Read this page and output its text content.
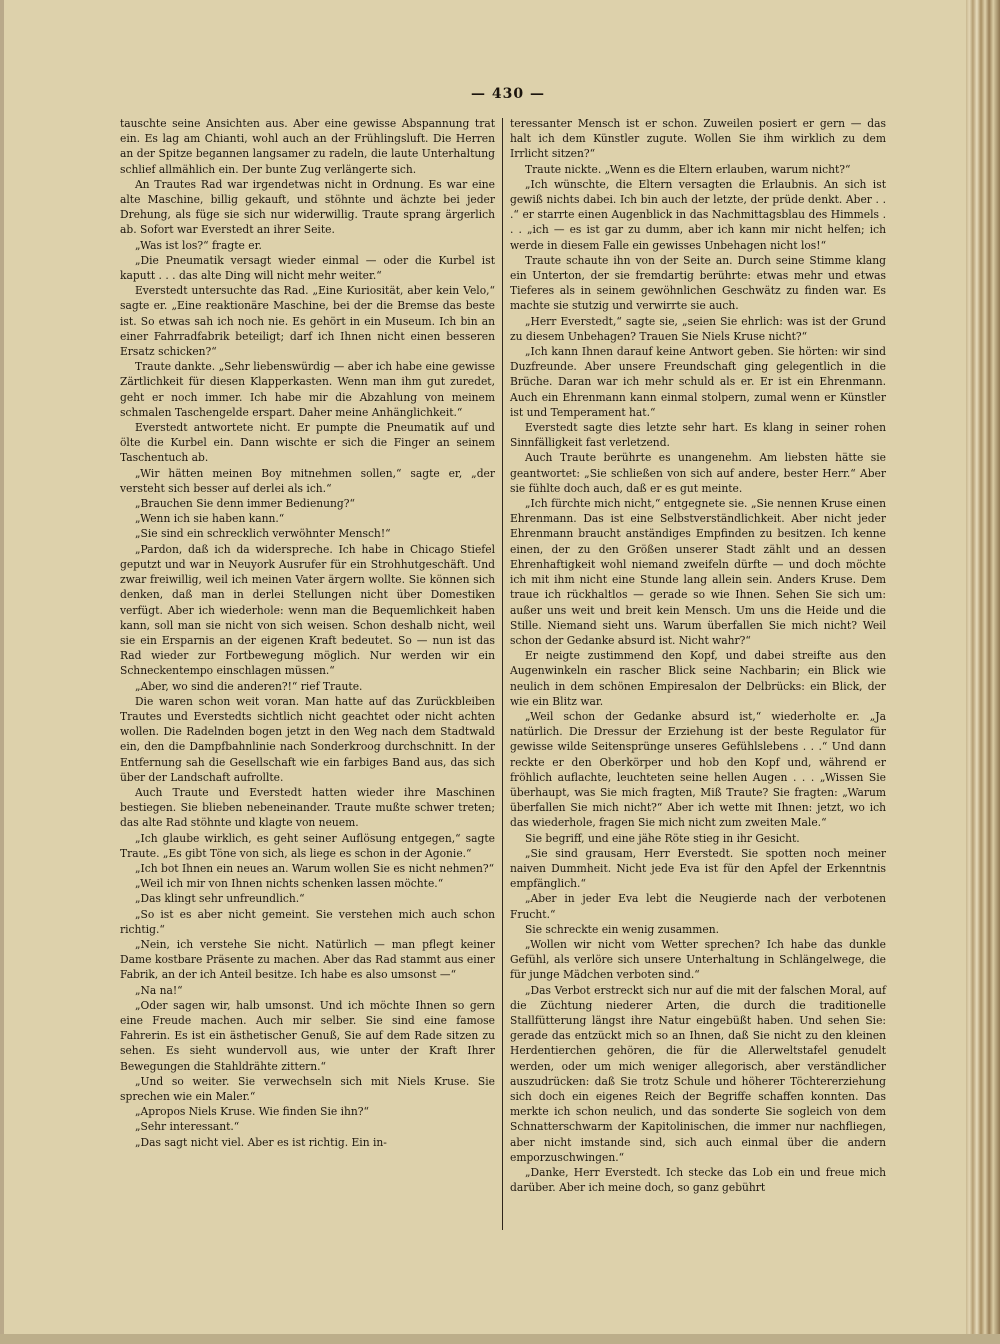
— 430 —

tauschte seine Ansichten aus. Aber eine gewisse Abspannung trat ein. Es lag am Chianti, wohl auch an der Frühlingsluft. Die Herren an der Spitze begannen langsamer zu radeln, die laute Unterhaltung schlief allmählich ein. Der bunte Zug verlängerte sich.

An Trautes Rad war irgendetwas nicht in Ordnung. Es war eine alte Maschine, billig gekauft, und stöhnte und ächzte bei jeder Drehung, als füge sie sich nur widerwillig. Traute sprang ärgerlich ab. Sofort war Everstedt an ihrer Seite.

„Was ist los?“ fragte er.

„Die Pneumatik versagt wieder einmal — oder die Kurbel ist kaputt . . . das alte Ding will nicht mehr weiter.“

Everstedt untersuchte das Rad. „Eine Kuriosität, aber kein Velo,“ sagte er. „Eine reaktionäre Maschine, bei der die Bremse das beste ist. So etwas sah ich noch nie. Es gehört in ein Museum. Ich bin an einer Fahrradfabrik beteiligt; darf ich Ihnen nicht einen besseren Ersatz schicken?“

Traute dankte. „Sehr liebenswürdig — aber ich habe eine gewisse Zärtlichkeit für diesen Klapperkasten. Wenn man ihm gut zuredet, geht er noch immer. Ich habe mir die Abzahlung von meinem schmalen Taschengelde erspart. Daher meine Anhänglichkeit.“

Everstedt antwortete nicht. Er pumpte die Pneumatik auf und ölte die Kurbel ein. Dann wischte er sich die Finger an seinem Taschentuch ab.

„Wir hätten meinen Boy mitnehmen sollen,“ sagte er, „der versteht sich besser auf derlei als ich.“

„Brauchen Sie denn immer Bedienung?“

„Wenn ich sie haben kann.“

„Sie sind ein schrecklich verwöhnter Mensch!“

„Pardon, daß ich da widerspreche. Ich habe in Chicago Stiefel geputzt und war in Neuyork Ausrufer für ein Strohhutgeschäft. Und zwar freiwillig, weil ich meinen Vater ärgern wollte. Sie können sich denken, daß man in derlei Stellungen nicht über Domestiken verfügt. Aber ich wiederhole: wenn man die Bequemlichkeit haben kann, soll man sie nicht von sich weisen. Schon deshalb nicht, weil sie ein Ersparnis an der eigenen Kraft bedeutet. So — nun ist das Rad wieder zur Fortbewegung möglich. Nur werden wir ein Schneckentempo einschlagen müssen.“

„Aber, wo sind die anderen?!“ rief Traute.

Die waren schon weit voran. Man hatte auf das Zurückbleiben Trautes und Everstedts sichtlich nicht geachtet oder nicht achten wollen. Die Radelnden bogen jetzt in den Weg nach dem Stadtwald ein, den die Dampfbahnlinie nach Sonderkroog durchschnitt. In der Entfernung sah die Gesellschaft wie ein farbiges Band aus, das sich über der Landschaft aufrollte.

Auch Traute und Everstedt hatten wieder ihre Maschinen bestiegen. Sie blieben nebeneinander. Traute mußte schwer treten; das alte Rad stöhnte und klagte von neuem.

„Ich glaube wirklich, es geht seiner Auflösung entgegen,“ sagte Traute. „Es gibt Töne von sich, als liege es schon in der Agonie.“

„Ich bot Ihnen ein neues an. Warum wollen Sie es nicht nehmen?“

„Weil ich mir von Ihnen nichts schenken lassen möchte.“

„Das klingt sehr unfreundlich.“

„So ist es aber nicht gemeint. Sie verstehen mich auch schon richtig.“

„Nein, ich verstehe Sie nicht. Natürlich — man pflegt keiner Dame kostbare Präsente zu machen. Aber das Rad stammt aus einer Fabrik, an der ich Anteil besitze. Ich habe es also umsonst —“

„Na na!“

„Oder sagen wir, halb umsonst. Und ich möchte Ihnen so gern eine Freude machen. Auch mir selber. Sie sind eine famose Fahrerin. Es ist ein ästhetischer Genuß, Sie auf dem Rade sitzen zu sehen. Es sieht wundervoll aus, wie unter der Kraft Ihrer Bewegungen die Stahldrähte zittern.“

„Und so weiter. Sie verwechseln sich mit Niels Kruse. Sie sprechen wie ein Maler.“

„Apropos Niels Kruse. Wie finden Sie ihn?“

„Sehr interessant.“

„Das sagt nicht viel. Aber es ist richtig. Ein in-

teressanter Mensch ist er schon. Zuweilen posiert er gern — das halt ich dem Künstler zugute. Wollen Sie ihm wirklich zu dem Irrlicht sitzen?“

Traute nickte. „Wenn es die Eltern erlauben, warum nicht?“

„Ich wünschte, die Eltern versagten die Erlaubnis. An sich ist gewiß nichts dabei. Ich bin auch der letzte, der prüde denkt. Aber . . .“ er starrte einen Augenblick in das Nachmittagsblau des Himmels . . . „ich — es ist gar zu dumm, aber ich kann mir nicht helfen; ich werde in diesem Falle ein gewisses Unbehagen nicht los!“

Traute schaute ihn von der Seite an. Durch seine Stimme klang ein Unterton, der sie fremdartig berührte: etwas mehr und etwas Tieferes als in seinem gewöhnlichen Geschwätz zu finden war. Es machte sie stutzig und verwirrte sie auch.

„Herr Everstedt,“ sagte sie, „seien Sie ehrlich: was ist der Grund zu diesem Unbehagen? Trauen Sie Niels Kruse nicht?“

„Ich kann Ihnen darauf keine Antwort geben. Sie hörten: wir sind Duzfreunde. Aber unsere Freundschaft ging gelegentlich in die Brüche. Daran war ich mehr schuld als er. Er ist ein Ehrenmann. Auch ein Ehrenmann kann einmal stolpern, zumal wenn er Künstler ist und Temperament hat.“

Everstedt sagte dies letzte sehr hart. Es klang in seiner rohen Sinnfälligkeit fast verletzend.

Auch Traute berührte es unangenehm. Am liebsten hätte sie geantwortet: „Sie schließen von sich auf andere, bester Herr.“ Aber sie fühlte doch auch, daß er es gut meinte.

„Ich fürchte mich nicht,“ entgegnete sie. „Sie nennen Kruse einen Ehrenmann. Das ist eine Selbstverständlichkeit. Aber nicht jeder Ehrenmann braucht anständiges Empfinden zu besitzen. Ich kenne einen, der zu den Größen unserer Stadt zählt und an dessen Ehrenhaftigkeit wohl niemand zweifeln dürfte — und doch möchte ich mit ihm nicht eine Stunde lang allein sein. Anders Kruse. Dem traue ich rückhaltlos — gerade so wie Ihnen. Sehen Sie sich um: außer uns weit und breit kein Mensch. Um uns die Heide und die Stille. Niemand sieht uns. Warum überfallen Sie mich nicht? Weil schon der Gedanke absurd ist. Nicht wahr?“

Er neigte zustimmend den Kopf, und dabei streifte aus den Augenwinkeln ein rascher Blick seine Nachbarin; ein Blick wie neulich in dem schönen Empiresalon der Delbrücks: ein Blick, der wie ein Blitz war.

„Weil schon der Gedanke absurd ist,“ wiederholte er. „Ja natürlich. Die Dressur der Erziehung ist der beste Regulator für gewisse wilde Seitensprünge unseres Gefühlslebens . . .“ Und dann reckte er den Oberkörper und hob den Kopf und, während er fröhlich auflachte, leuchteten seine hellen Augen . . . „Wissen Sie überhaupt, was Sie mich fragten, Miß Traute? Sie fragten: „Warum überfallen Sie mich nicht?“ Aber ich wette mit Ihnen: jetzt, wo ich das wiederhole, fragen Sie mich nicht zum zweiten Male.“

Sie begriff, und eine jähe Röte stieg in ihr Gesicht.

„Sie sind grausam, Herr Everstedt. Sie spotten noch meiner naiven Dummheit. Nicht jede Eva ist für den Apfel der Erkenntnis empfänglich.“

„Aber in jeder Eva lebt die Neugierde nach der verbotenen Frucht.“

Sie schreckte ein wenig zusammen.

„Wollen wir nicht vom Wetter sprechen? Ich habe das dunkle Gefühl, als verlöre sich unsere Unterhaltung in Schlängelwege, die für junge Mädchen verboten sind.“

„Das Verbot erstreckt sich nur auf die mit der falschen Moral, auf die Züchtung niederer Arten, die durch die traditionelle Stallfütterung längst ihre Natur eingebüßt haben. Und sehen Sie: gerade das entzückt mich so an Ihnen, daß Sie nicht zu den kleinen Herdentierchen gehören, die für die Allerweltstafel genudelt werden, oder um mich weniger allegorisch, aber verständlicher auszudrücken: daß Sie trotz Schule und höherer Töchtererziehung sich doch ein eigenes Reich der Begriffe schaffen konnten. Das merkte ich schon neulich, und das sonderte Sie sogleich von dem Schnatterschwarm der Kapitolinischen, die immer nur nachfliegen, aber nicht imstande sind, sich auch einmal über die andern emporzuschwingen.“

„Danke, Herr Everstedt. Ich stecke das Lob ein und freue mich darüber. Aber ich meine doch, so ganz gebührt
